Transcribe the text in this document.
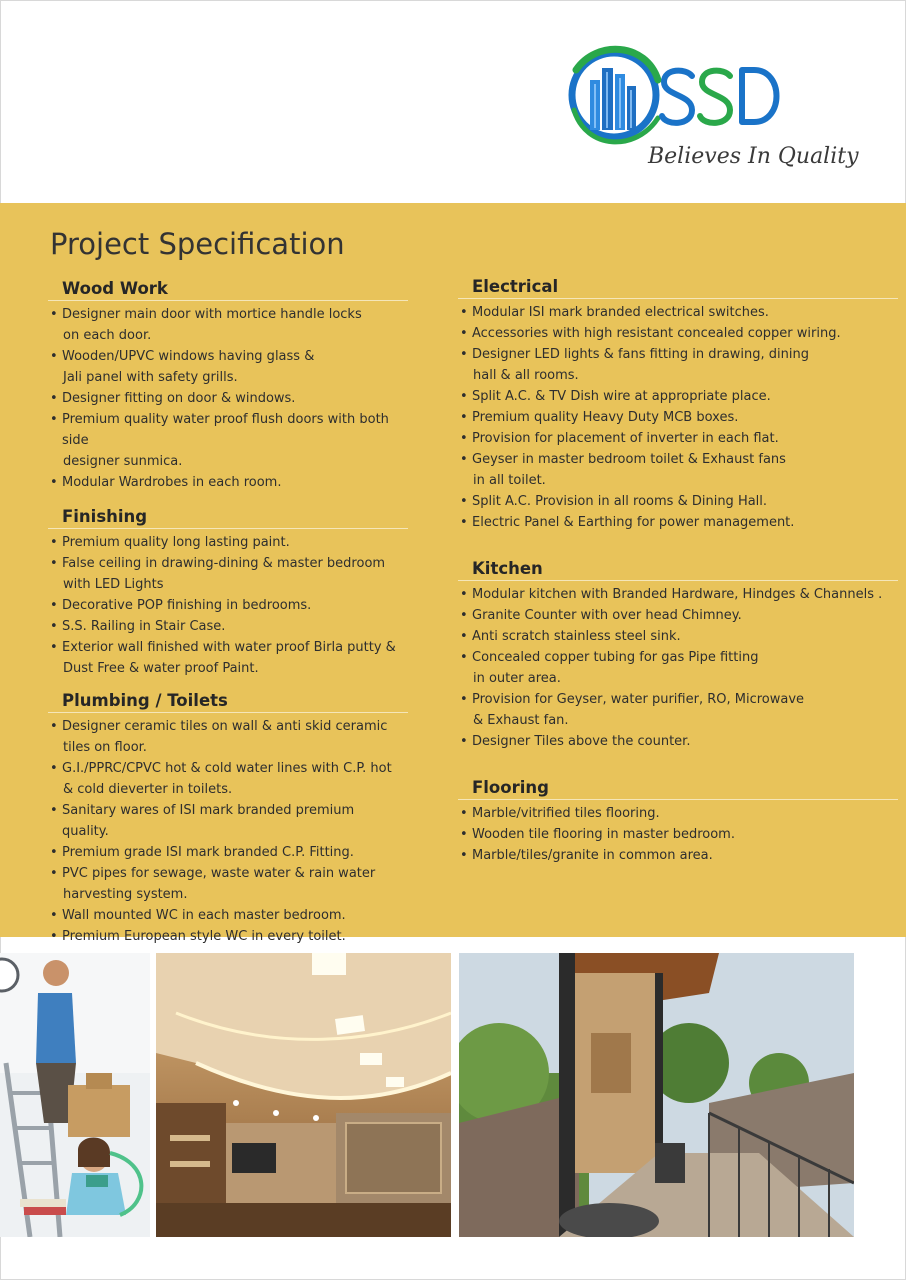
Believes In Quality
Project Specification
Wood Work
• Designer main door with mortice handle locks
on each door.
• Wooden/UPVC windows having glass &
Jali panel with safety grills.
• Designer fitting on door & windows.
• Premium quality water proof flush doors with both side
designer sunmica.
• Modular Wardrobes in each room.
Finishing
• Premium quality long lasting paint.
• False ceiling in drawing-dining & master bedroom
with LED Lights
• Decorative POP finishing in bedrooms.
• S.S. Railing in Stair Case.
• Exterior wall finished with water proof Birla putty &
Dust Free & water proof Paint.
Plumbing / Toilets
• Designer ceramic tiles on wall & anti skid ceramic
tiles on floor.
• G.I./PPRC/CPVC hot & cold water lines with C.P. hot
& cold dieverter in toilets.
• Sanitary wares of ISI mark branded premium quality.
• Premium grade ISI mark branded C.P. Fitting.
• PVC pipes for sewage, waste water & rain water
harvesting system.
• Wall mounted WC in each master bedroom.
• Premium European style WC in every toilet.
Electrical
• Modular ISI mark branded electrical switches.
• Accessories with high resistant concealed copper wiring.
• Designer LED lights & fans fitting in drawing, dining
hall & all rooms.
• Split A.C. & TV Dish wire at appropriate place.
• Premium quality Heavy Duty MCB boxes.
• Provision for placement of inverter in each flat.
• Geyser in master bedroom toilet & Exhaust fans
in all toilet.
• Split A.C. Provision in all rooms & Dining Hall.
• Electric Panel & Earthing for power management.
Kitchen
• Modular kitchen with Branded Hardware, Hindges & Channels .
• Granite Counter with over head Chimney.
• Anti scratch stainless steel sink.
• Concealed copper tubing for gas Pipe fitting
in outer area.
• Provision for Geyser, water purifier, RO, Microwave
& Exhaust fan.
• Designer Tiles above the counter.
Flooring
• Marble/vitrified tiles flooring.
• Wooden tile flooring in master bedroom.
• Marble/tiles/granite in common area.
